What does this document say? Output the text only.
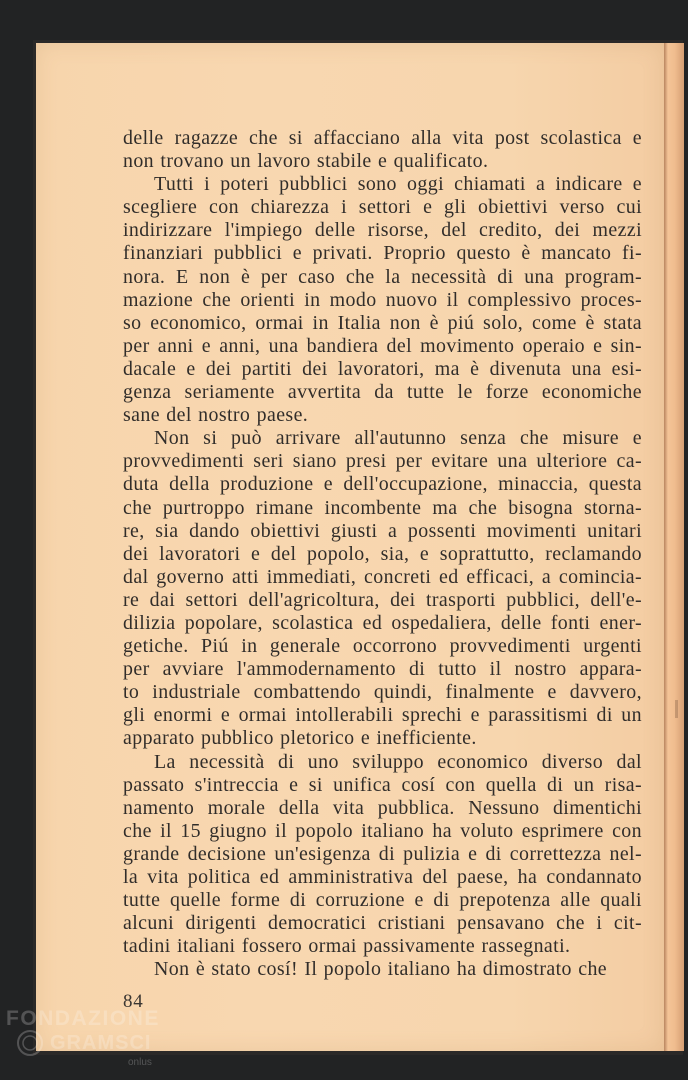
delle ragazze che si affacciano alla vita post scolastica e
non trovano un lavoro stabile e qualificato.
Tutti i poteri pubblici sono oggi chiamati a indicare e
scegliere con chiarezza i settori e gli obiettivi verso cui
indirizzare l'impiego delle risorse, del credito, dei mezzi
finanziari pubblici e privati. Proprio questo è mancato fi-
nora. E non è per caso che la necessità di una program-
mazione che orienti in modo nuovo il complessivo proces-
so economico, ormai in Italia non è piú solo, come è stata
per anni e anni, una bandiera del movimento operaio e sin-
dacale e dei partiti dei lavoratori, ma è divenuta una esi-
genza seriamente avvertita da tutte le forze economiche
sane del nostro paese.
Non si può arrivare all'autunno senza che misure e
provvedimenti seri siano presi per evitare una ulteriore ca-
duta della produzione e dell'occupazione, minaccia, questa
che purtroppo rimane incombente ma che bisogna storna-
re, sia dando obiettivi giusti a possenti movimenti unitari
dei lavoratori e del popolo, sia, e soprattutto, reclamando
dal governo atti immediati, concreti ed efficaci, a comincia-
re dai settori dell'agricoltura, dei trasporti pubblici, dell'e-
dilizia popolare, scolastica ed ospedaliera, delle fonti ener-
getiche. Piú in generale occorrono provvedimenti urgenti
per avviare l'ammodernamento di tutto il nostro appara-
to industriale combattendo quindi, finalmente e davvero,
gli enormi e ormai intollerabili sprechi e parassitismi di un
apparato pubblico pletorico e inefficiente.
La necessità di uno sviluppo economico diverso dal
passato s'intreccia e si unifica cosí con quella di un risa-
namento morale della vita pubblica. Nessuno dimentichi
che il 15 giugno il popolo italiano ha voluto esprimere con
grande decisione un'esigenza di pulizia e di correttezza nel-
la vita politica ed amministrativa del paese, ha condannato
tutte quelle forme di corruzione e di prepotenza alle quali
alcuni dirigenti democratici cristiani pensavano che i cit-
tadini italiani fossero ormai passivamente rassegnati.
Non è stato cosí! Il popolo italiano ha dimostrato che
84
FONDAZIONE
GRAMSCI
onlus
